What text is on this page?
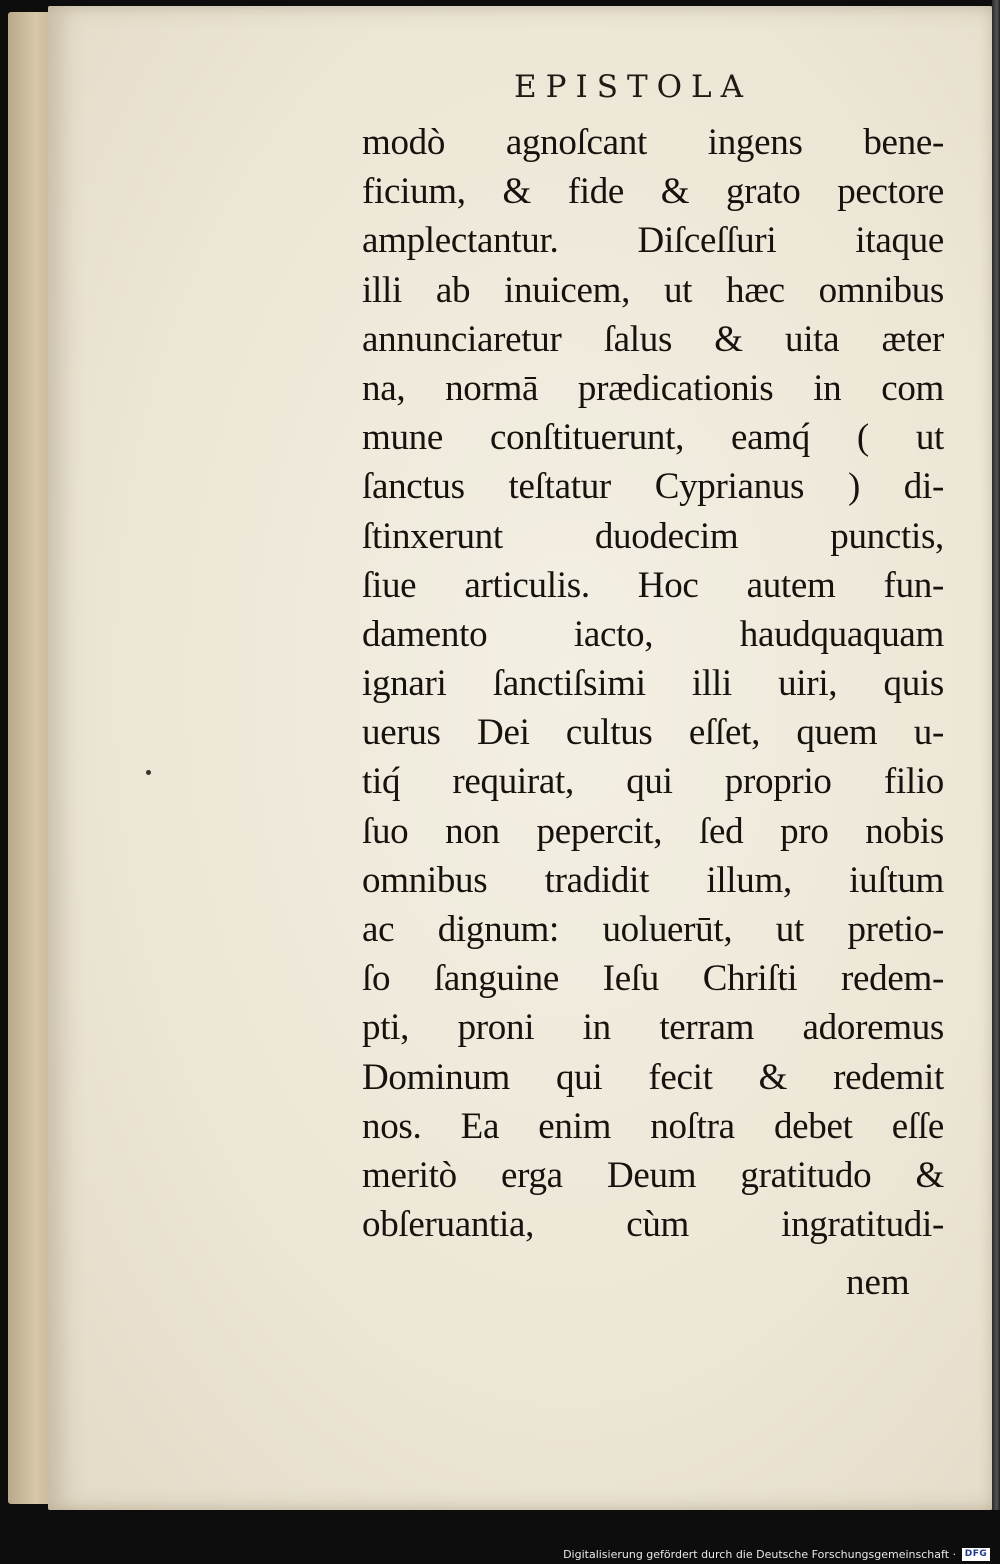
EPISTOLA
modò agnoſcant ingens bene-
ficium, & fide & grato pectore
amplectantur. Diſceſſuri itaque
illi ab inuicem, ut hæc omnibus
annunciaretur ſalus & uita æter
na, normā prædicationis in com
mune conſtituerunt, eamq́ ( ut
ſanctus teſtatur Cyprianus ) di-
ſtinxerunt duodecim punctis,
ſiue articulis. Hoc autem fun-
damento iacto, haudquaquam
ignari ſanctiſsimi illi uiri, quis
uerus Dei cultus eſſet, quem u-
tiq́ requirat, qui proprio filio
ſuo non pepercit, ſed pro nobis
omnibus tradidit illum, iuſtum
ac dignum: uoluerūt, ut pretio-
ſo ſanguine Ieſu Chriſti redem-
pti, proni in terram adoremus
Dominum qui fecit & redemit
nos. Ea enim noſtra debet eſſe
meritò erga Deum gratitudo &
obſeruantia, cùm ingratitudi-
nem
Digitalisierung gefördert durch die Deutsche Forschungsgemeinschaft · DFG
